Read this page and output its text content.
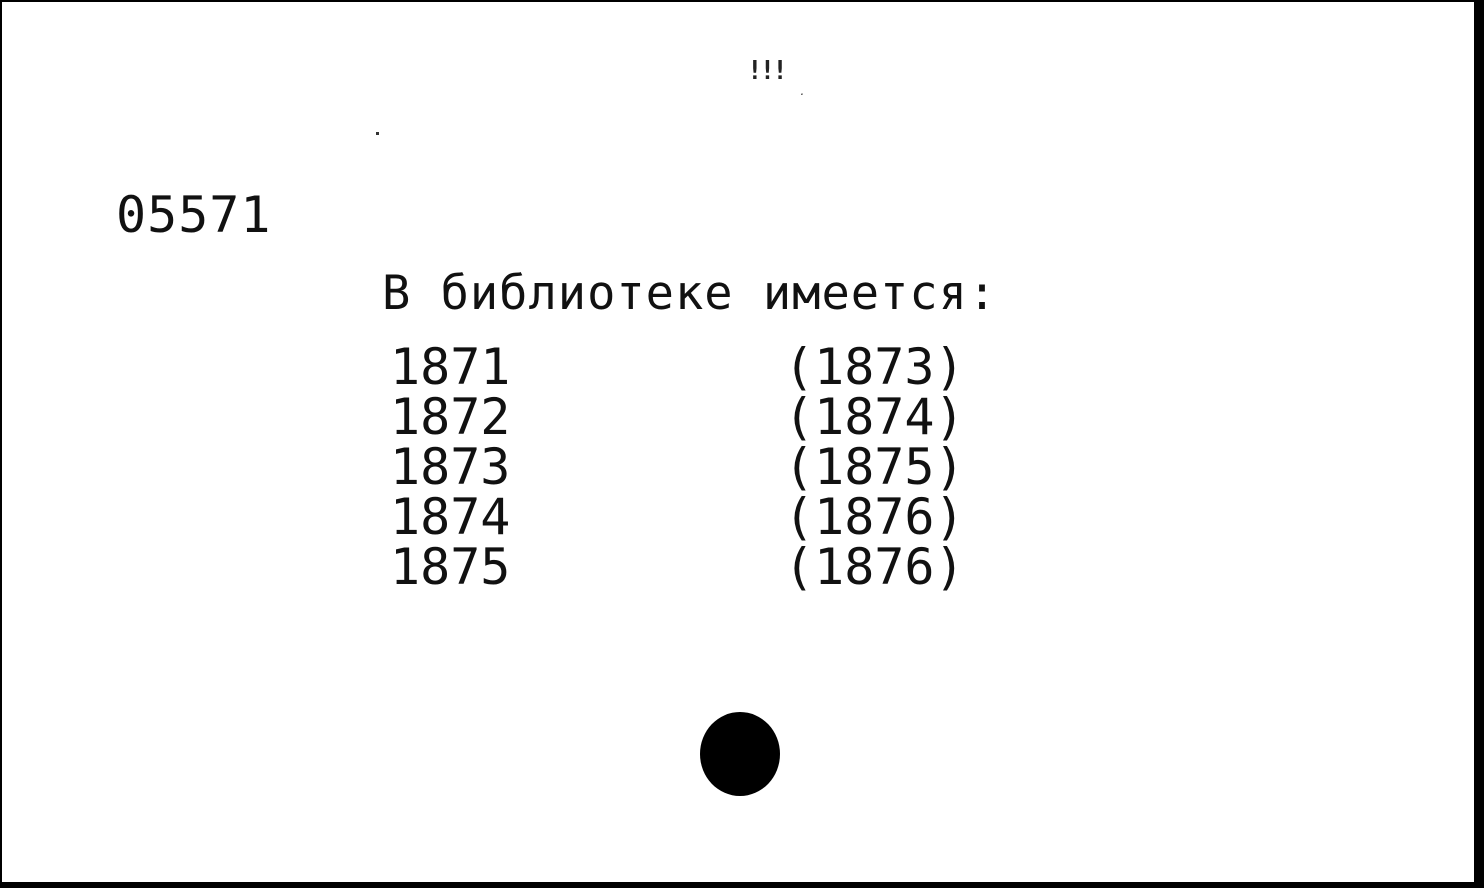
!!!
.
05571
В библиотеке имеется:
1871
1872
1873
1874
1875
(1873)
(1874)
(1875)
(1876)
(1876)
